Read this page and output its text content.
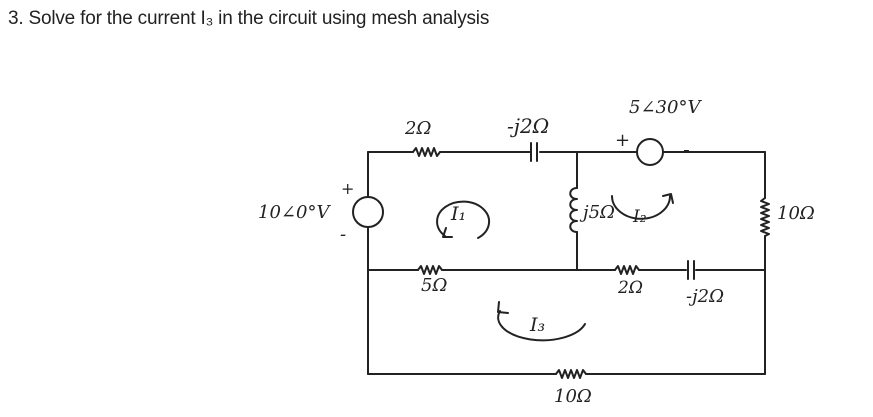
3. Solve for the current I₃ in the circuit using mesh analysis
2Ω	-j2Ω
5∠30°V
+	-
10∠0°V
+
-
j5Ω	10Ω
5Ω	2Ω -j2Ω
10Ω
I₁	I₂
I₃
